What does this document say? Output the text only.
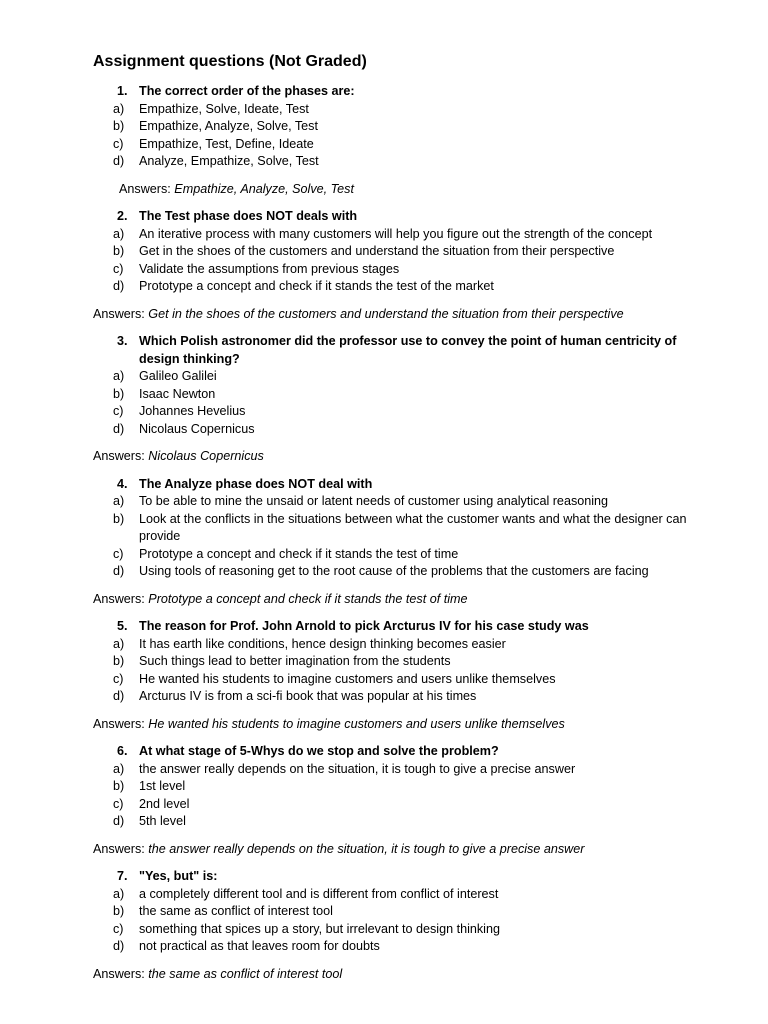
Assignment questions (Not Graded)
1. The correct order of the phases are:
a) Empathize, Solve, Ideate, Test
b) Empathize, Analyze, Solve, Test
c) Empathize, Test, Define, Ideate
d) Analyze, Empathize, Solve, Test
Answers: Empathize, Analyze, Solve, Test
2. The Test phase does NOT deals with
a) An iterative process with many customers will help you figure out the strength of the concept
b) Get in the shoes of the customers and understand the situation from their perspective
c) Validate the assumptions from previous stages
d) Prototype a concept and check if it stands the test of the market
Answers: Get in the shoes of the customers and understand the situation from their perspective
3. Which Polish astronomer did the professor use to convey the point of human centricity of design thinking?
a) Galileo Galilei
b) Isaac Newton
c) Johannes Hevelius
d) Nicolaus Copernicus
Answers: Nicolaus Copernicus
4. The Analyze phase does NOT deal with
a) To be able to mine the unsaid or latent needs of customer using analytical reasoning
b) Look at the conflicts in the situations between what the customer wants and what the designer can provide
c) Prototype a concept and check if it stands the test of time
d) Using tools of reasoning get to the root cause of the problems that the customers are facing
Answers: Prototype a concept and check if it stands the test of time
5. The reason for Prof. John Arnold to pick Arcturus IV for his case study was
a) It has earth like conditions, hence design thinking becomes easier
b) Such things lead to better imagination from the students
c) He wanted his students to imagine customers and users unlike themselves
d) Arcturus IV is from a sci-fi book that was popular at his times
Answers: He wanted his students to imagine customers and users unlike themselves
6. At what stage of 5-Whys do we stop and solve the problem?
a) the answer really depends on the situation, it is tough to give a precise answer
b) 1st level
c) 2nd level
d) 5th level
Answers: the answer really depends on the situation, it is tough to give a precise answer
7. "Yes, but" is:
a) a completely different tool and is different from conflict of interest
b) the same as conflict of interest tool
c) something that spices up a story, but irrelevant to design thinking
d) not practical as that leaves room for doubts
Answers: the same as conflict of interest tool
